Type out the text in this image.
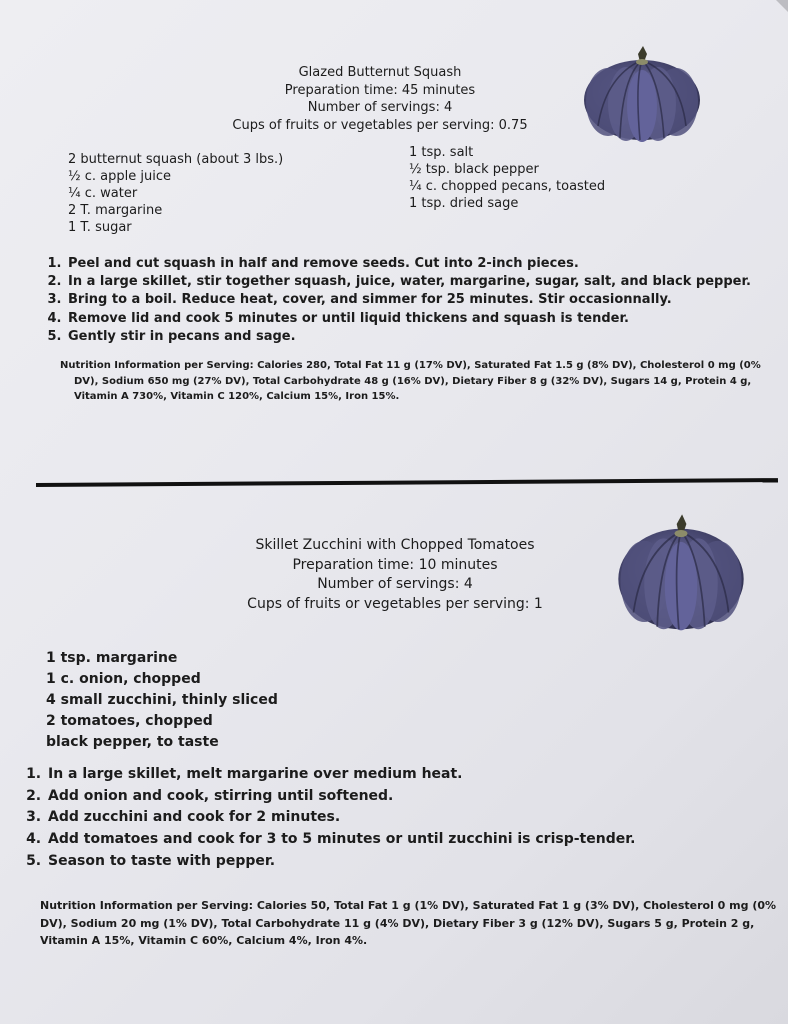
Glazed Butternut Squash
Preparation time: 45 minutes
Number of servings: 4
Cups of fruits or vegetables per serving: 0.75
2 butternut squash (about 3 lbs.)
½ c. apple juice
¼ c. water
2 T. margarine
1 T. sugar
1 tsp. salt
½ tsp. black pepper
¼ c. chopped pecans, toasted
1 tsp. dried sage
1. Peel and cut squash in half and remove seeds. Cut into 2-inch pieces.
2. In a large skillet, stir together squash, juice, water, margarine, sugar, salt, and black pepper.
3. Bring to a boil. Reduce heat, cover, and simmer for 25 minutes. Stir occasionnally.
4. Remove lid and cook 5 minutes or until liquid thickens and squash is tender.
5. Gently stir in pecans and sage.

Nutrition Information per Serving: Calories 280, Total Fat 11 g (17% DV), Saturated Fat 1.5 g (8% DV), Cholesterol 0 mg (0% DV), Sodium 650 mg (27% DV), Total Carbohydrate 48 g (16% DV), Dietary Fiber 8 g (32% DV), Sugars 14 g, Protein 4 g, Vitamin A 730%, Vitamin C 120%, Calcium 15%, Iron 15%.

Skillet Zucchini with Chopped Tomatoes
Preparation time: 10 minutes
Number of servings: 4
Cups of fruits or vegetables per serving: 1
1 tsp. margarine
1 c. onion, chopped
4 small zucchini, thinly sliced
2 tomatoes, chopped
black pepper, to taste
1. In a large skillet, melt margarine over medium heat.
2. Add onion and cook, stirring until softened.
3. Add zucchini and cook for 2 minutes.
4. Add tomatoes and cook for 3 to 5 minutes or until zucchini is crisp-tender.
5. Season to taste with pepper.

Nutrition Information per Serving: Calories 50, Total Fat 1 g (1% DV), Saturated Fat 1 g (3% DV), Cholesterol 0 mg (0%
DV), Sodium 20 mg (1% DV), Total Carbohydrate 11 g (4% DV), Dietary Fiber 3 g (12% DV), Sugars 5 g, Protein 2 g,
Vitamin A 15%, Vitamin C 60%, Calcium 4%, Iron 4%.
